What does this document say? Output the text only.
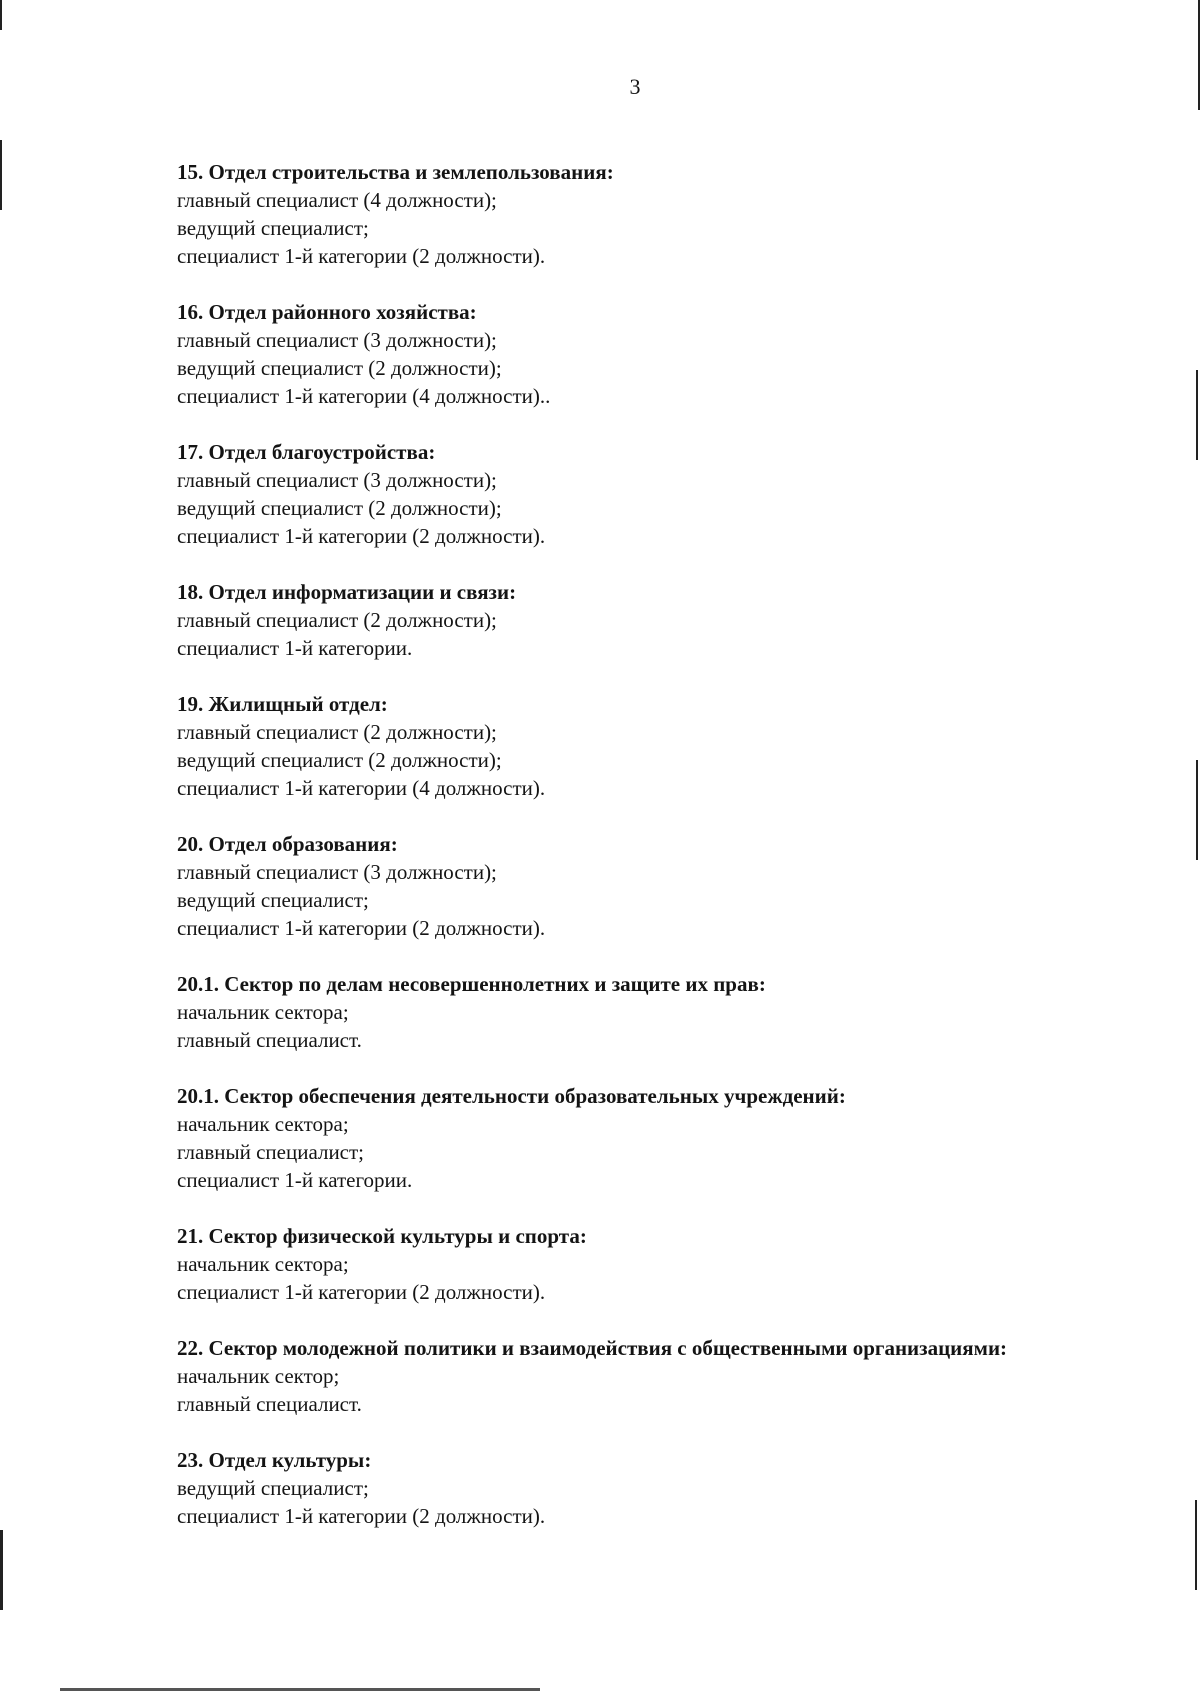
3
15. Отдел строительства и землепользования:
главный специалист (4 должности);
ведущий специалист;
специалист 1-й категории (2 должности).
16. Отдел районного хозяйства:
главный специалист (3 должности);
ведущий специалист (2 должности);
специалист 1-й категории (4 должности)..
17. Отдел благоустройства:
главный специалист (3 должности);
ведущий специалист (2 должности);
специалист 1-й категории (2 должности).
18. Отдел информатизации и связи:
главный специалист (2 должности);
специалист 1-й категории.
19. Жилищный отдел:
главный специалист (2 должности);
ведущий специалист (2 должности);
специалист 1-й категории (4 должности).
20. Отдел образования:
главный специалист (3 должности);
ведущий специалист;
специалист 1-й категории (2 должности).
20.1. Сектор по делам несовершеннолетних и защите их прав:
начальник сектора;
главный специалист.
20.1. Сектор обеспечения деятельности образовательных учреждений:
начальник сектора;
главный специалист;
специалист 1-й категории.
21. Сектор физической культуры и спорта:
начальник сектора;
специалист 1-й категории (2 должности).
22. Сектор молодежной политики и взаимодействия с общественными организациями:
начальник сектор;
главный специалист.
23. Отдел культуры:
ведущий специалист;
специалист 1-й категории (2 должности).
